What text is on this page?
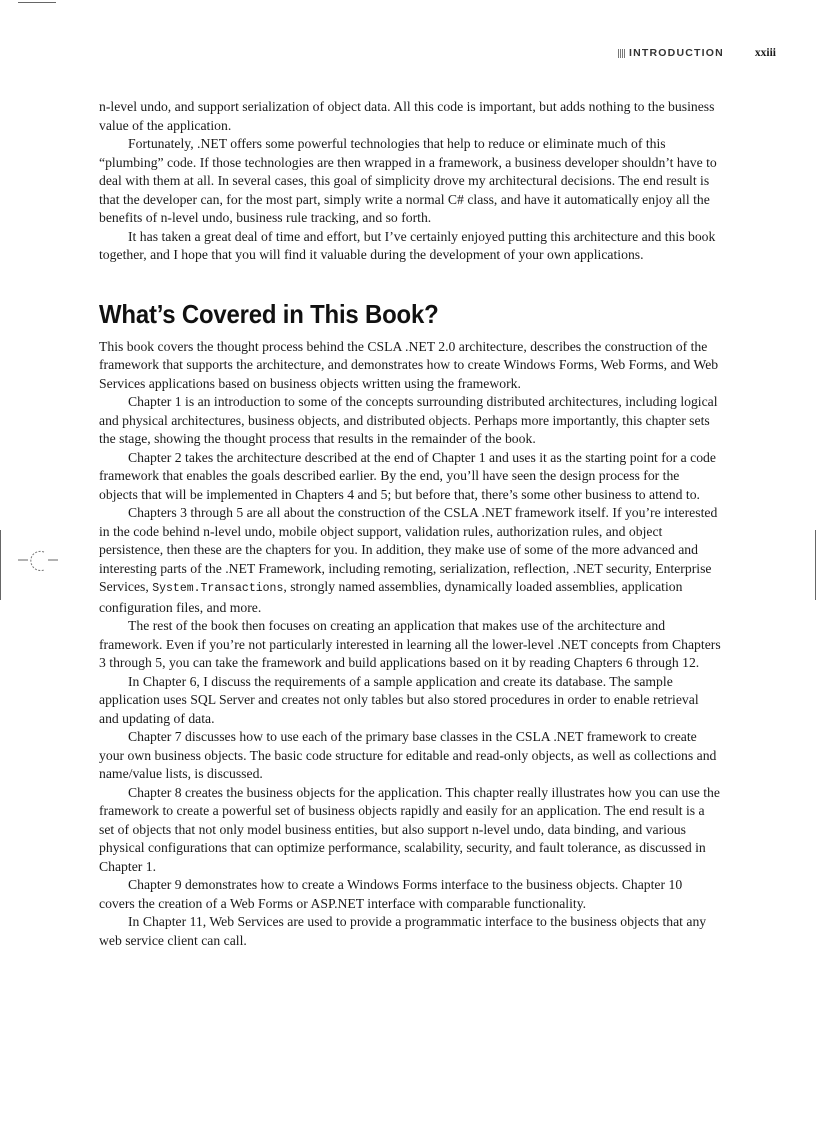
INTRODUCTION	xxiii

n-level undo, and support serialization of object data. All this code is important, but adds nothing to the business value of the application.

Fortunately, .NET offers some powerful technologies that help to reduce or eliminate much of this “plumbing” code. If those technologies are then wrapped in a framework, a business developer shouldn’t have to deal with them at all. In several cases, this goal of simplicity drove my architectural decisions. The end result is that the developer can, for the most part, simply write a normal C# class, and have it automatically enjoy all the benefits of n-level undo, business rule tracking, and so forth.

It has taken a great deal of time and effort, but I’ve certainly enjoyed putting this architecture and this book together, and I hope that you will find it valuable during the development of your own applications.

What’s Covered in This Book?

This book covers the thought process behind the CSLA .NET 2.0 architecture, describes the construction of the framework that supports the architecture, and demonstrates how to create Windows Forms, Web Forms, and Web Services applications based on business objects written using the framework.

Chapter 1 is an introduction to some of the concepts surrounding distributed architectures, including logical and physical architectures, business objects, and distributed objects. Perhaps more importantly, this chapter sets the stage, showing the thought process that results in the remainder of the book.

Chapter 2 takes the architecture described at the end of Chapter 1 and uses it as the starting point for a code framework that enables the goals described earlier. By the end, you’ll have seen the design process for the objects that will be implemented in Chapters 4 and 5; but before that, there’s some other business to attend to.

Chapters 3 through 5 are all about the construction of the CSLA .NET framework itself. If you’re interested in the code behind n-level undo, mobile object support, validation rules, authorization rules, and object persistence, then these are the chapters for you. In addition, they make use of some of the more advanced and interesting parts of the .NET Framework, including remoting, serialization, reflection, .NET security, Enterprise Services, System.Transactions, strongly named assemblies, dynamically loaded assemblies, application configuration files, and more.

The rest of the book then focuses on creating an application that makes use of the architecture and framework. Even if you’re not particularly interested in learning all the lower-level .NET concepts from Chapters 3 through 5, you can take the framework and build applications based on it by reading Chapters 6 through 12.

In Chapter 6, I discuss the requirements of a sample application and create its database. The sample application uses SQL Server and creates not only tables but also stored procedures in order to enable retrieval and updating of data.

Chapter 7 discusses how to use each of the primary base classes in the CSLA .NET framework to create your own business objects. The basic code structure for editable and read-only objects, as well as collections and name/value lists, is discussed.

Chapter 8 creates the business objects for the application. This chapter really illustrates how you can use the framework to create a powerful set of business objects rapidly and easily for an application. The end result is a set of objects that not only model business entities, but also support n-level undo, data binding, and various physical configurations that can optimize performance, scalability, security, and fault tolerance, as discussed in Chapter 1.

Chapter 9 demonstrates how to create a Windows Forms interface to the business objects. Chapter 10 covers the creation of a Web Forms or ASP.NET interface with comparable functionality.

In Chapter 11, Web Services are used to provide a programmatic interface to the business objects that any web service client can call.
